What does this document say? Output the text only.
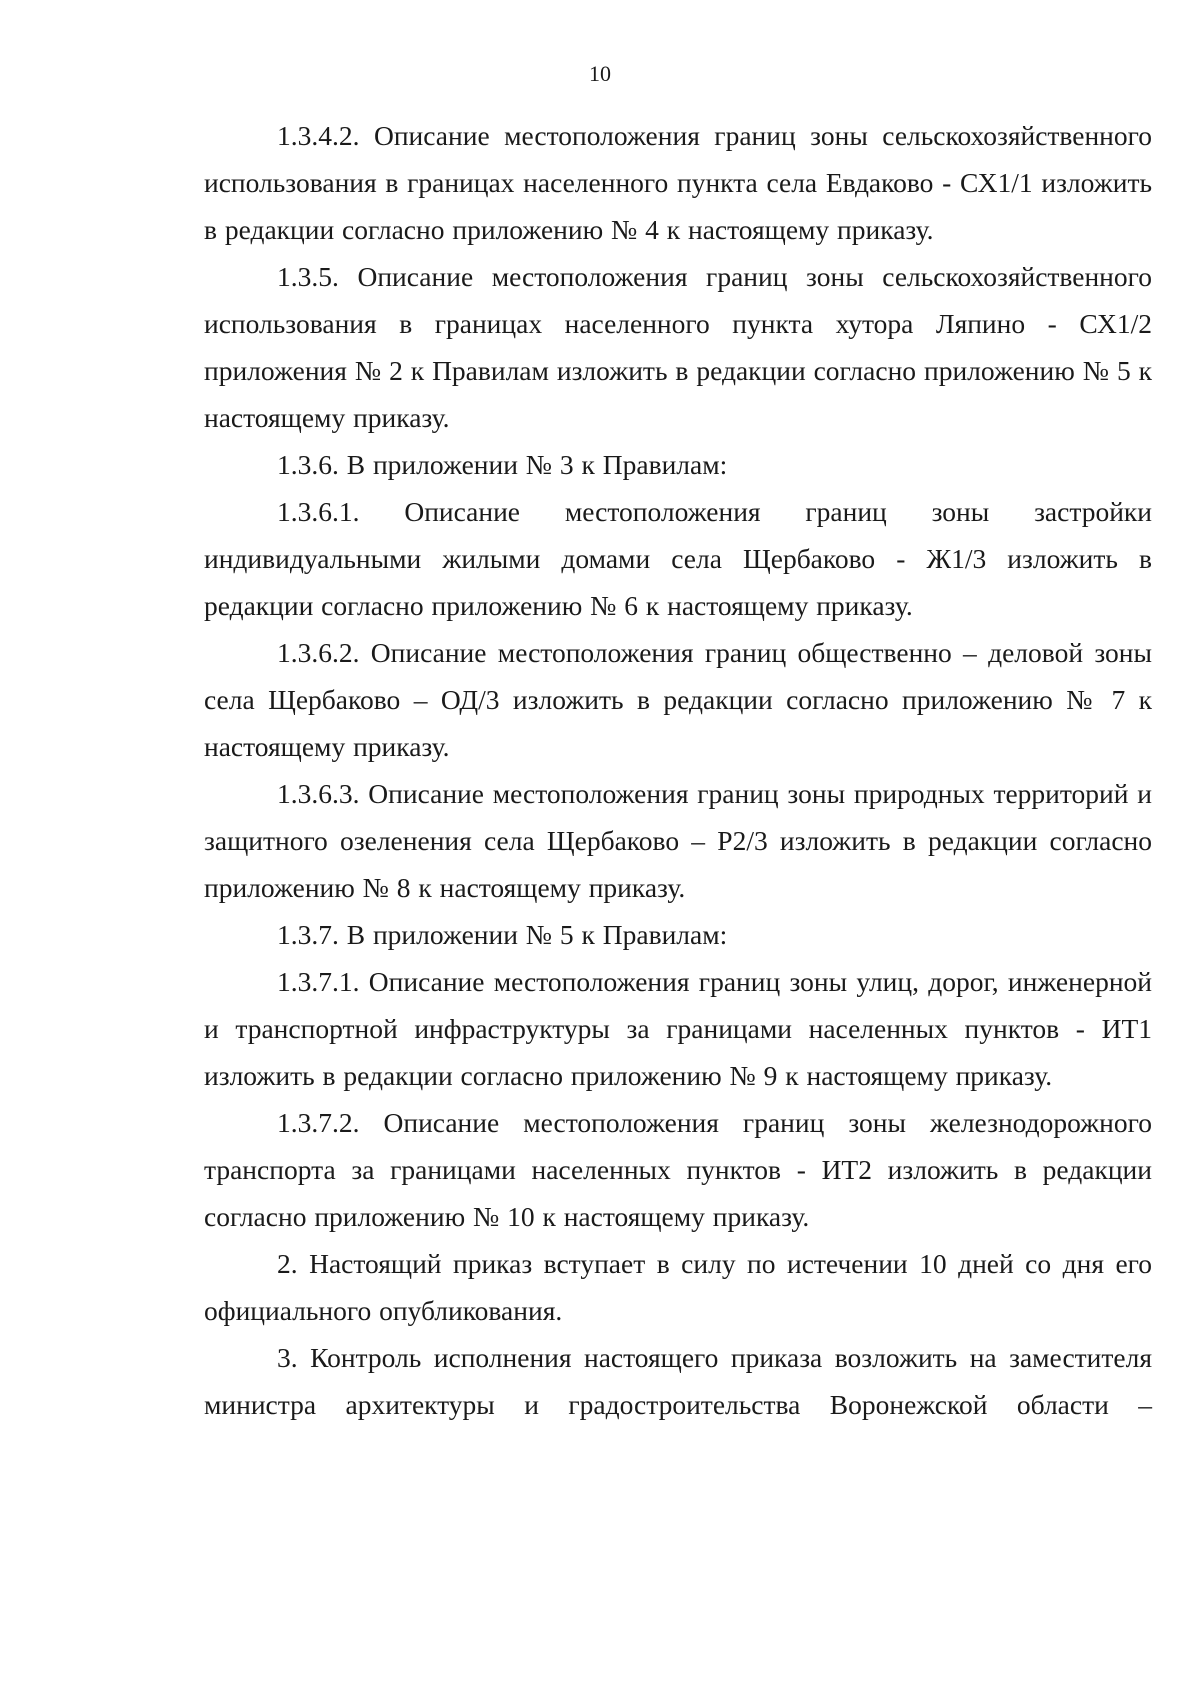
10

1.3.4.2. Описание местоположения границ зоны сельскохозяйственного использования в границах населенного пункта села Евдаково - СХ1/1 изложить в редакции согласно приложению № 4 к настоящему приказу.

1.3.5. Описание местоположения границ зоны сельскохозяйственного использования в границах населенного пункта хутора Ляпино - СХ1/2 приложения № 2 к Правилам изложить в редакции согласно приложению № 5 к настоящему приказу.

1.3.6. В приложении № 3 к Правилам:

1.3.6.1. Описание местоположения границ зоны застройки индивидуальными жилыми домами села Щербаково - Ж1/3 изложить в редакции согласно приложению № 6 к настоящему приказу.

1.3.6.2. Описание местоположения границ общественно – деловой зоны села Щербаково – ОД/3 изложить в редакции согласно приложению № 7 к настоящему приказу.

1.3.6.3. Описание местоположения границ зоны природных территорий и защитного озеленения села Щербаково – Р2/3 изложить в редакции согласно приложению № 8 к настоящему приказу.

1.3.7. В приложении № 5 к Правилам:

1.3.7.1. Описание местоположения границ зоны улиц, дорог, инженерной и транспортной инфраструктуры за границами населенных пунктов - ИТ1 изложить в редакции согласно приложению № 9 к настоящему приказу.

1.3.7.2. Описание местоположения границ зоны железнодорожного транспорта за границами населенных пунктов - ИТ2 изложить в редакции согласно приложению № 10 к настоящему приказу.

2. Настоящий приказ вступает в силу по истечении 10 дней со дня его официального опубликования.

3. Контроль исполнения настоящего приказа возложить на заместителя министра архитектуры и градостроительства Воронежской области –
